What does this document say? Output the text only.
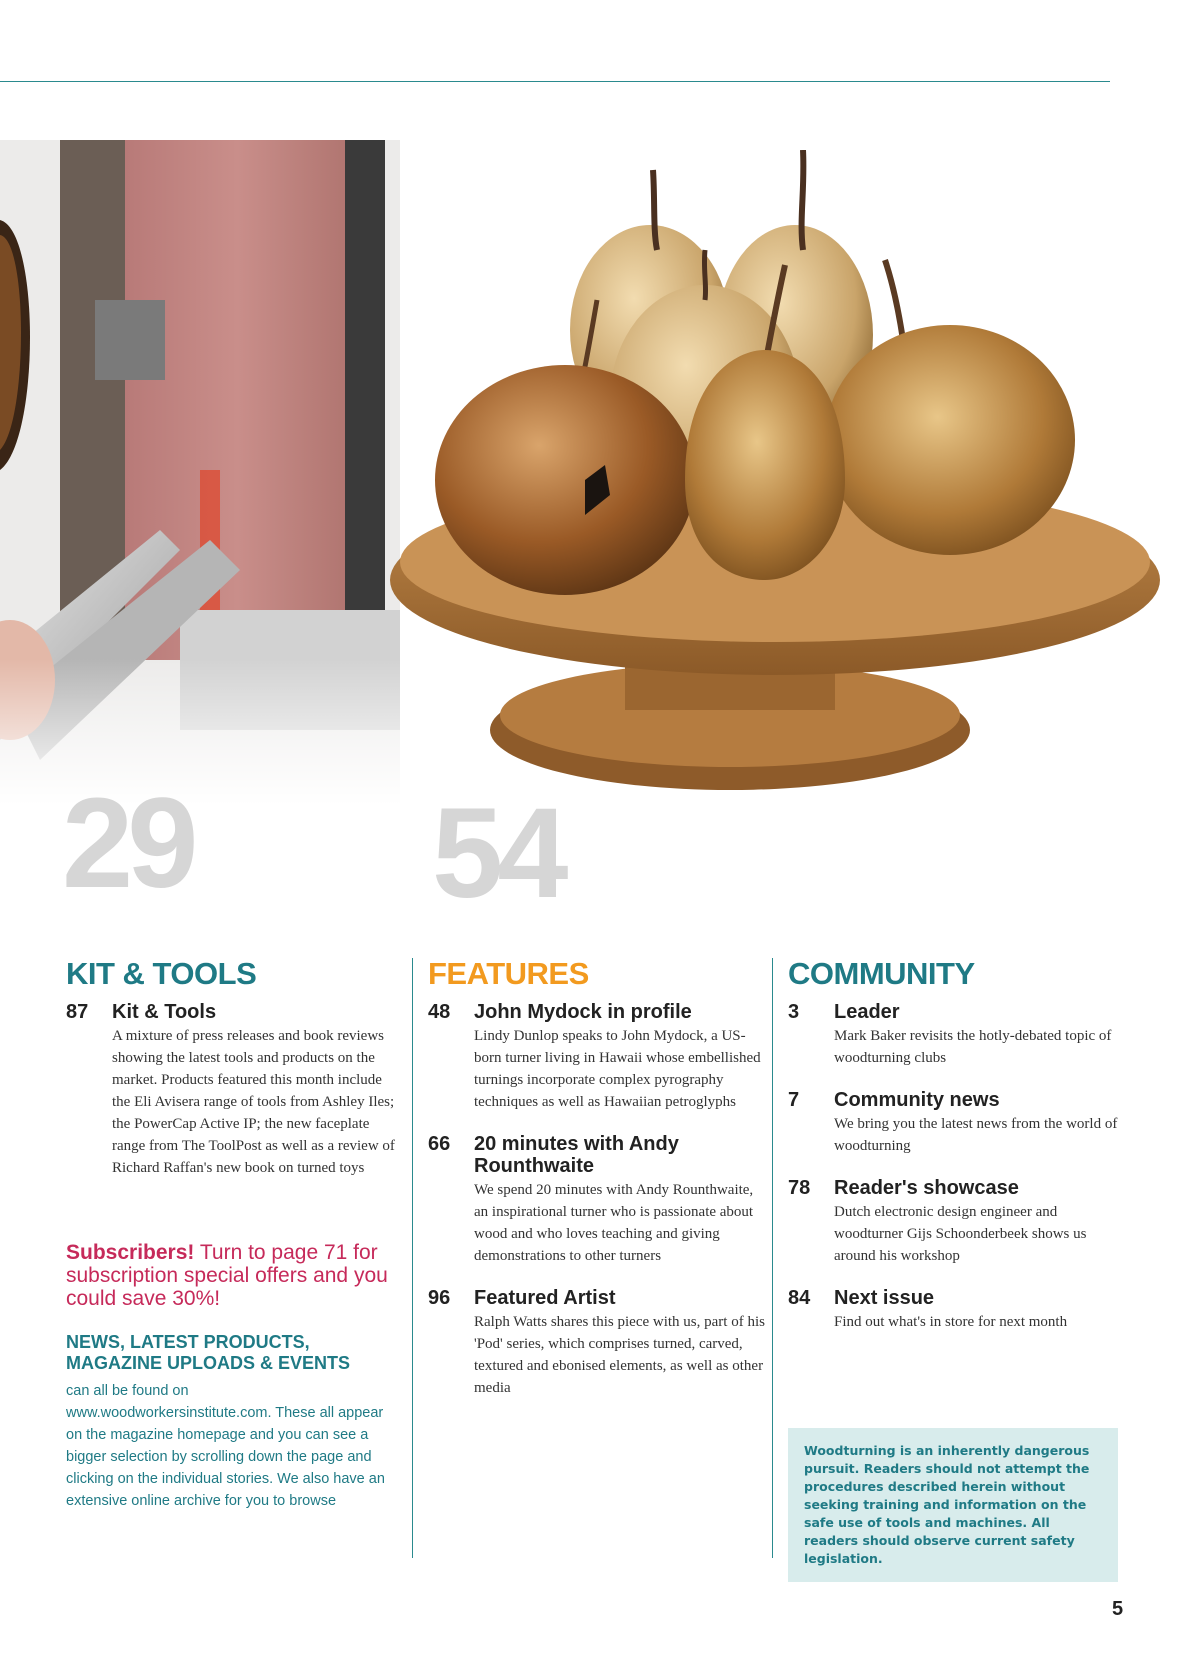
29 54
KIT & TOOLS
87 Kit & Tools
A mixture of press releases and book reviews showing the latest tools and products on the market. Products featured this month include the Eli Avisera range of tools from Ashley Iles; the PowerCap Active IP; the new faceplate range from The ToolPost as well as a review of Richard Raffan's new book on turned toys
Subscribers! Turn to page 71 for subscription special offers and you could save 30%!
NEWS, LATEST PRODUCTS, MAGAZINE UPLOADS & EVENTS
can all be found on www.woodworkersinstitute.com. These all appear on the magazine homepage and you can see a bigger selection by scrolling down the page and clicking on the individual stories. We also have an extensive online archive for you to browse
FEATURES
48 John Mydock in profile
Lindy Dunlop speaks to John Mydock, a US-born turner living in Hawaii whose embellished turnings incorporate complex pyrography techniques as well as Hawaiian petroglyphs
66 20 minutes with Andy Rounthwaite
We spend 20 minutes with Andy Rounthwaite, an inspirational turner who is passionate about wood and who loves teaching and giving demonstrations to other turners
96 Featured Artist
Ralph Watts shares this piece with us, part of his 'Pod' series, which comprises turned, carved, textured and ebonised elements, as well as other media
COMMUNITY
3 Leader
Mark Baker revisits the hotly-debated topic of woodturning clubs
7 Community news
We bring you the latest news from the world of woodturning
78 Reader's showcase
Dutch electronic design engineer and woodturner Gijs Schoonderbeek shows us around his workshop
84 Next issue
Find out what's in store for next month
Woodturning is an inherently dangerous pursuit. Readers should not attempt the procedures described herein without seeking training and information on the safe use of tools and machines. All readers should observe current safety legislation.
5
